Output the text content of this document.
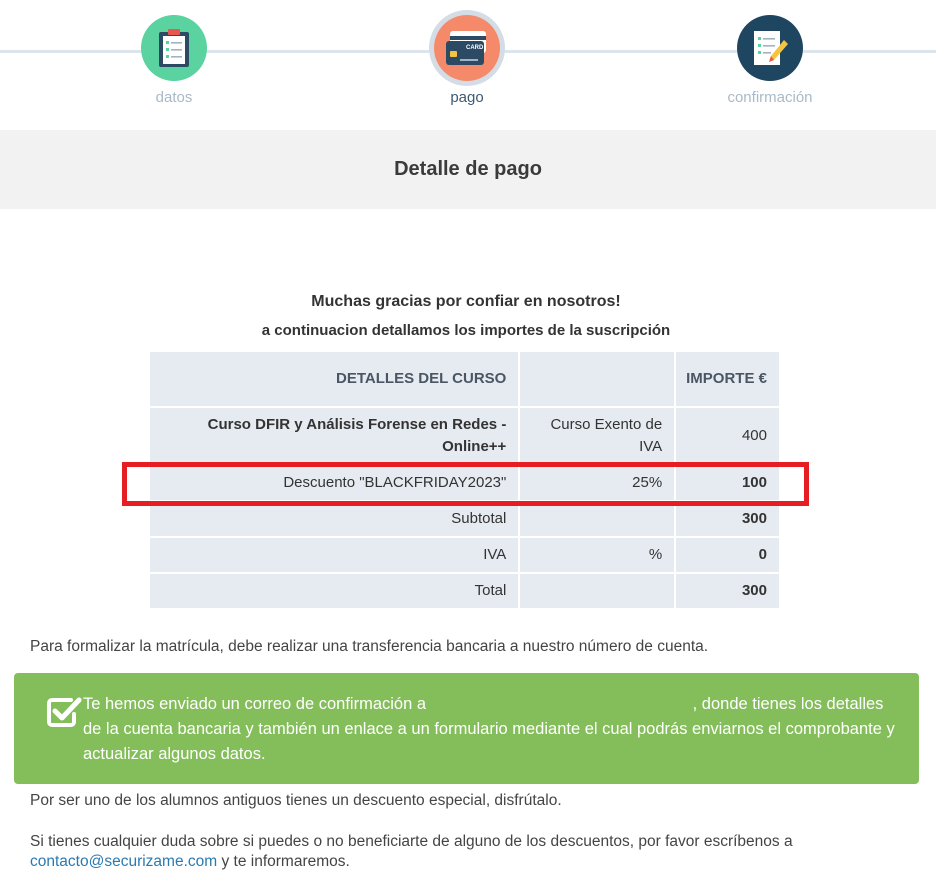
datos
CARD
pago	confirmación
Detalle de pago
Muchas gracias por confiar en nosotros!
a continuacion detallamos los importes de la suscripción
DETALLES DEL CURSO		IMPORTE €
Curso DFIR y Análisis Forense en Redes - Online++	Curso Exento de IVA	400
Descuento "BLACKFRIDAY2023"	25%	100
Subtotal		300
IVA	%	0
Total		300
Para formalizar la matrícula, debe realizar una transferencia bancaria a nuestro número de cuenta.
Te hemos enviado un correo de confirmación a	, donde tienes los detalles de la cuenta bancaria y también un enlace a un formulario mediante el cual podrás enviarnos el comprobante y actualizar algunos datos.
Por ser uno de los alumnos antiguos tienes un descuento especial, disfrútalo.
Si tienes cualquier duda sobre si puedes o no beneficiarte de alguno de los descuentos, por favor escríbenos a
contacto@securizame.com y te informaremos.
